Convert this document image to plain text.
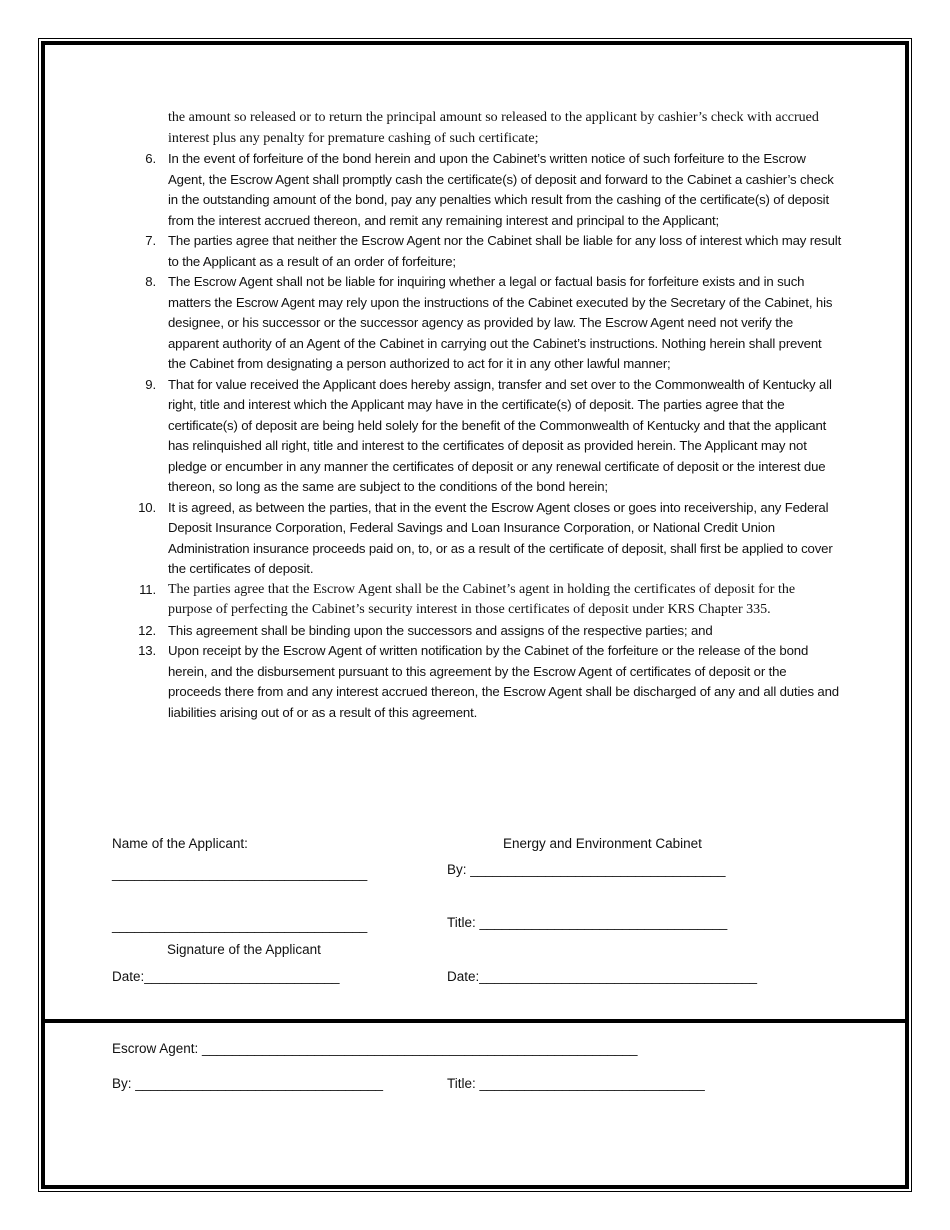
the amount so released or to return the principal amount so released to the applicant by cashier’s check with accrued interest plus any penalty for premature cashing of such certificate;
6. In the event of forfeiture of the bond herein and upon the Cabinet’s written notice of such forfeiture to the Escrow Agent, the Escrow Agent shall promptly cash the certificate(s) of deposit and forward to the Cabinet a cashier’s check in the outstanding amount of the bond, pay any penalties which result from the cashing of the certificate(s) of deposit from the interest accrued thereon, and remit any remaining interest and principal to the Applicant;
7. The parties agree that neither the Escrow Agent nor the Cabinet shall be liable for any loss of interest which may result to the Applicant as a result of an order of forfeiture;
8. The Escrow Agent shall not be liable for inquiring whether a legal or factual basis for forfeiture exists and in such matters the Escrow Agent may rely upon the instructions of the Cabinet executed by the Secretary of the Cabinet, his designee, or his successor or the successor agency as provided by law. The Escrow Agent need not verify the apparent authority of an Agent of the Cabinet in carrying out the Cabinet’s instructions. Nothing herein shall prevent the Cabinet from designating a person authorized to act for it in any other lawful manner;
9. That for value received the Applicant does hereby assign, transfer and set over to the Commonwealth of Kentucky all right, title and interest which the Applicant may have in the certificate(s) of deposit. The parties agree that the certificate(s) of deposit are being held solely for the benefit of the Commonwealth of Kentucky and that the applicant has relinquished all right, title and interest to the certificates of deposit as provided herein. The Applicant may not pledge or encumber in any manner the certificates of deposit or any renewal certificate of deposit or the interest due thereon, so long as the same are subject to the conditions of the bond herein;
10. It is agreed, as between the parties, that in the event the Escrow Agent closes or goes into receivership, any Federal Deposit Insurance Corporation, Federal Savings and Loan Insurance Corporation, or National Credit Union Administration insurance proceeds paid on, to, or as a result of the certificate of deposit, shall first be applied to cover the certificates of deposit.
11. The parties agree that the Escrow Agent shall be the Cabinet’s agent in holding the certificates of deposit for the purpose of perfecting the Cabinet’s security interest in those certificates of deposit under KRS Chapter 335.
12. This agreement shall be binding upon the successors and assigns of the respective parties; and
13. Upon receipt by the Escrow Agent of written notification by the Cabinet of the forfeiture or the release of the bond herein, and the disbursement pursuant to this agreement by the Escrow Agent of certificates of deposit or the proceeds there from and any interest accrued thereon, the Escrow Agent shall be discharged of any and all duties and liabilities arising out of or as a result of this agreement.
Name of the Applicant:
__________________________________
__________________________________
Signature of the Applicant
Date:__________________________
Energy and Environment Cabinet
By: __________________________________
Title: _________________________________
Date:_____________________________________
Escrow Agent: __________________________________________________________
By: _________________________________	Title: ______________________________
